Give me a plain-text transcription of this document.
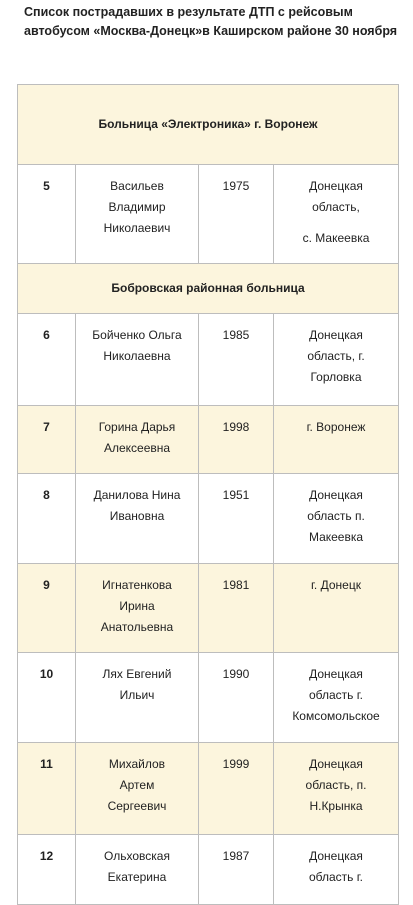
Список пострадавших в результате ДТП с рейсовым автобусом «Москва-Донецк»в Каширском районе 30 ноября

Больница «Электроника» г. Воронеж			
5	Васильев
Владимир
Николаевич	1975	Донецкая
область,
с. Макеевка

Бобровская районная больница			
6	Бойченко Ольга
Николаевна	1985	Донецкая
область, г.
Горловка

7	Горина Дарья
Алексеевна	1998	г. Воронеж

8	Данилова Нина
Ивановна	1951	Донецкая
область п.
Макеевка

9	Игнатенкова
Ирина
Анатольевна	1981	г. Донецк

10	Лях Евгений
Ильич	1990	Донецкая
область г.
Комсомольское

11	Михайлов
Артем
Сергеевич	1999	Донецкая
область, п.
Н.Крынка

12	Ольховская
Екатерина	1987	Донецкая
область г.
